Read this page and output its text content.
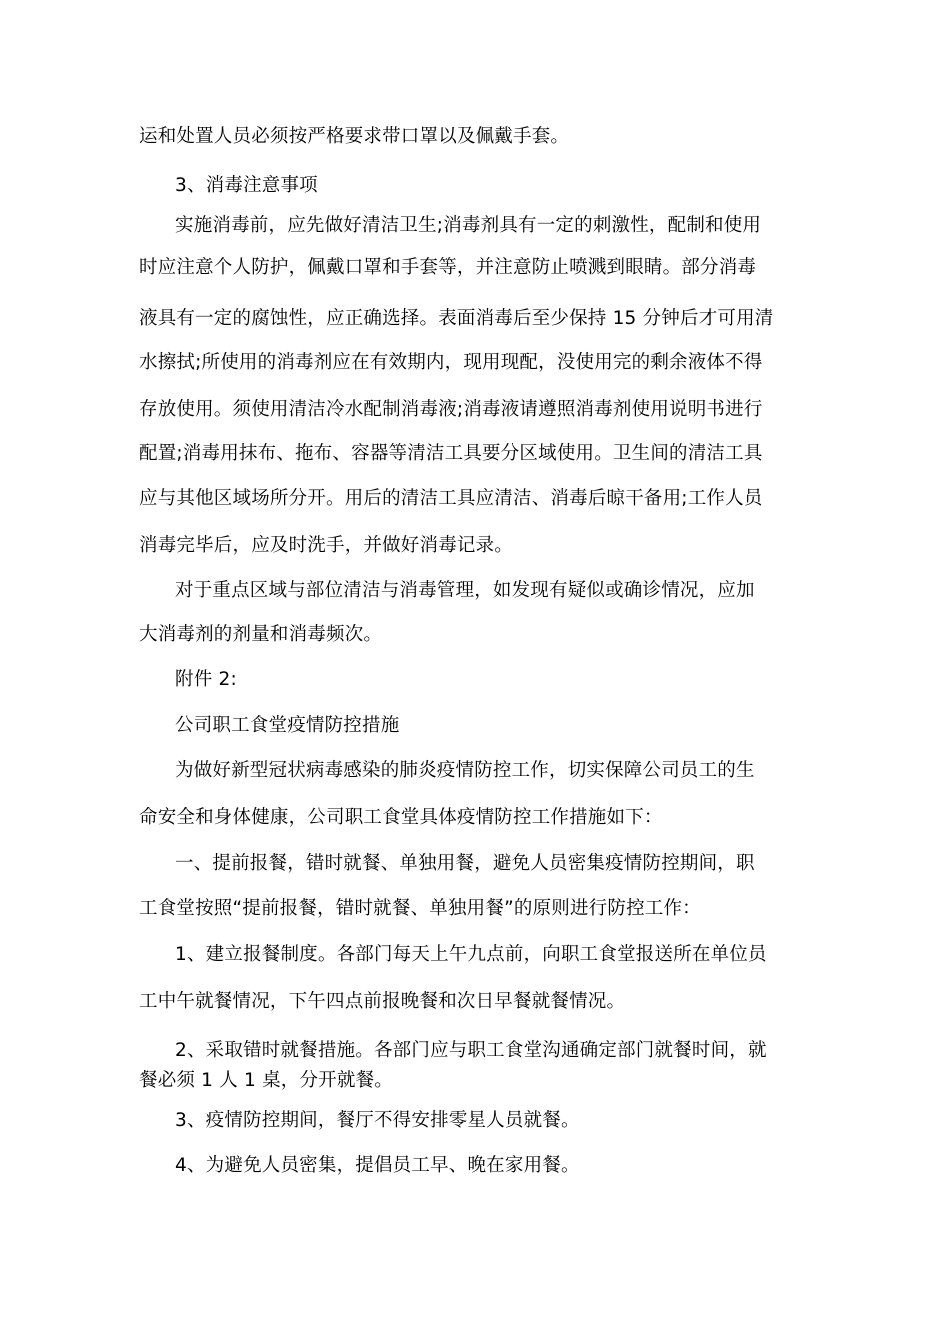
运和处置人员必须按严格要求带口罩以及佩戴手套。
3、消毒注意事项
实施消毒前，应先做好清洁卫生;消毒剂具有一定的刺激性，配制和使用
时应注意个人防护，佩戴口罩和手套等，并注意防止喷溅到眼睛。部分消毒
液具有一定的腐蚀性，应正确选择。表面消毒后至少保持 15 分钟后才可用清
水擦拭;所使用的消毒剂应在有效期内，现用现配，没使用完的剩余液体不得
存放使用。须使用清洁冷水配制消毒液;消毒液请遵照消毒剂使用说明书进行
配置;消毒用抹布、拖布、容器等清洁工具要分区域使用。卫生间的清洁工具
应与其他区域场所分开。用后的清洁工具应清洁、消毒后晾干备用;工作人员
消毒完毕后，应及时洗手，并做好消毒记录。
对于重点区域与部位清洁与消毒管理，如发现有疑似或确诊情况，应加
大消毒剂的剂量和消毒频次。
附件 2:
公司职工食堂疫情防控措施
为做好新型冠状病毒感染的肺炎疫情防控工作，切实保障公司员工的生
命安全和身体健康，公司职工食堂具体疫情防控工作措施如下：
一、提前报餐，错时就餐、单独用餐，避免人员密集疫情防控期间，职
工食堂按照“提前报餐，错时就餐、单独用餐”的原则进行防控工作：
1、建立报餐制度。各部门每天上午九点前，向职工食堂报送所在单位员
工中午就餐情况，下午四点前报晚餐和次日早餐就餐情况。
2、采取错时就餐措施。各部门应与职工食堂沟通确定部门就餐时间，就
餐必须 1 人 1 桌，分开就餐。
3、疫情防控期间，餐厅不得安排零星人员就餐。
4、为避免人员密集，提倡员工早、晚在家用餐。
